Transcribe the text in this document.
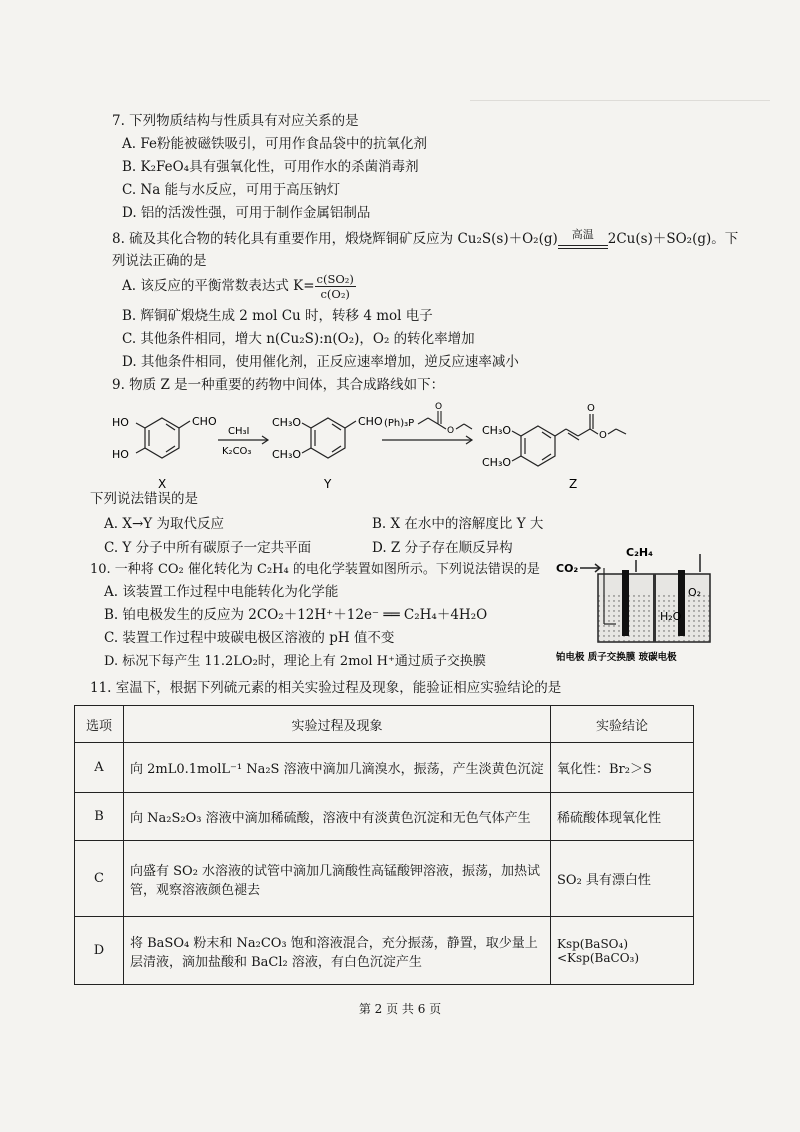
7. 下列物质结构与性质具有对应关系的是
A. Fe粉能被磁铁吸引，可用作食品袋中的抗氧化剂
B. K₂FeO₄具有强氧化性，可用作水的杀菌消毒剂
C. Na 能与水反应，可用于高压钠灯
D. 铝的活泼性强，可用于制作金属铝制品
8. 硫及其化合物的转化具有重要作用，煅烧辉铜矿反应为 Cu₂S(s)＋O₂(g)	高温	2Cu(s)＋SO₂(g)。下
列说法正确的是
A. 该反应的平衡常数表达式 $K= \frac{\text{c(SO₂)}}{\text{c(O₂)}}$
B. 辉铜矿煅烧生成 2 mol Cu 时，转移 4 mol 电子
C. 其他条件相同，增大 n(Cu₂S):n(O₂)，O₂ 的转化率增加
D. 其他条件相同，使用催化剂，正反应速率增加，逆反应速率减小
9. 物质 Z 是一种重要的药物中间体，其合成路线如下：
CHO
HO
HO
X
CH₃I
K₂CO₃
CHO
CH₃O
CH₃O
Y
(Ph)₃P
O
O
O
O
CH₃O
CH₃O
Z
下列说法错误的是
A. X→Y 为取代反应	B. X 在水中的溶解度比 Y 大
C. Y 分子中所有碳原子一定共平面	D. Z 分子存在顺反异构
10. 一种将 CO₂ 催化转化为 C₂H₄ 的电化学装置如图所示。下列说法错误的是
A. 该装置工作过程中电能转化为化学能
B. 铂电极发生的反应为 2CO₂＋12H⁺＋12e⁻ ══ C₂H₄＋4H₂O
C. 装置工作过程中玻碳电极区溶液的 pH 值不变
D. 标况下每产生 11.2LO₂时，理论上有 2mol H⁺通过质子交换膜
CO₂
C₂H₄
O₂
H₂O
铂电极 质子交换膜 玻碳电极
11. 室温下，根据下列硫元素的相关实验过程及现象，能验证相应实验结论的是
选项	实验过程及现象	实验结论
A	向 2mL0.1molL⁻¹ Na₂S 溶液中滴加几滴溴水，振荡，产生淡黄色沉淀	氧化性：Br₂＞S
B	向 Na₂S₂O₃ 溶液中滴加稀硫酸，溶液中有淡黄色沉淀和无色气体产生	稀硫酸体现氧化性
C	向盛有 SO₂ 水溶液的试管中滴加几滴酸性高锰酸钾溶液，振荡，加热试管，观察溶液颜色褪去	SO₂ 具有漂白性
D	将 BaSO₄ 粉末和 Na₂CO₃ 饱和溶液混合，充分振荡，静置，取少量上层清液，滴加盐酸和 BaCl₂ 溶液，有白色沉淀产生	Ksp(BaSO₄)<Ksp(BaCO₃)
第 2 页 共 6 页
